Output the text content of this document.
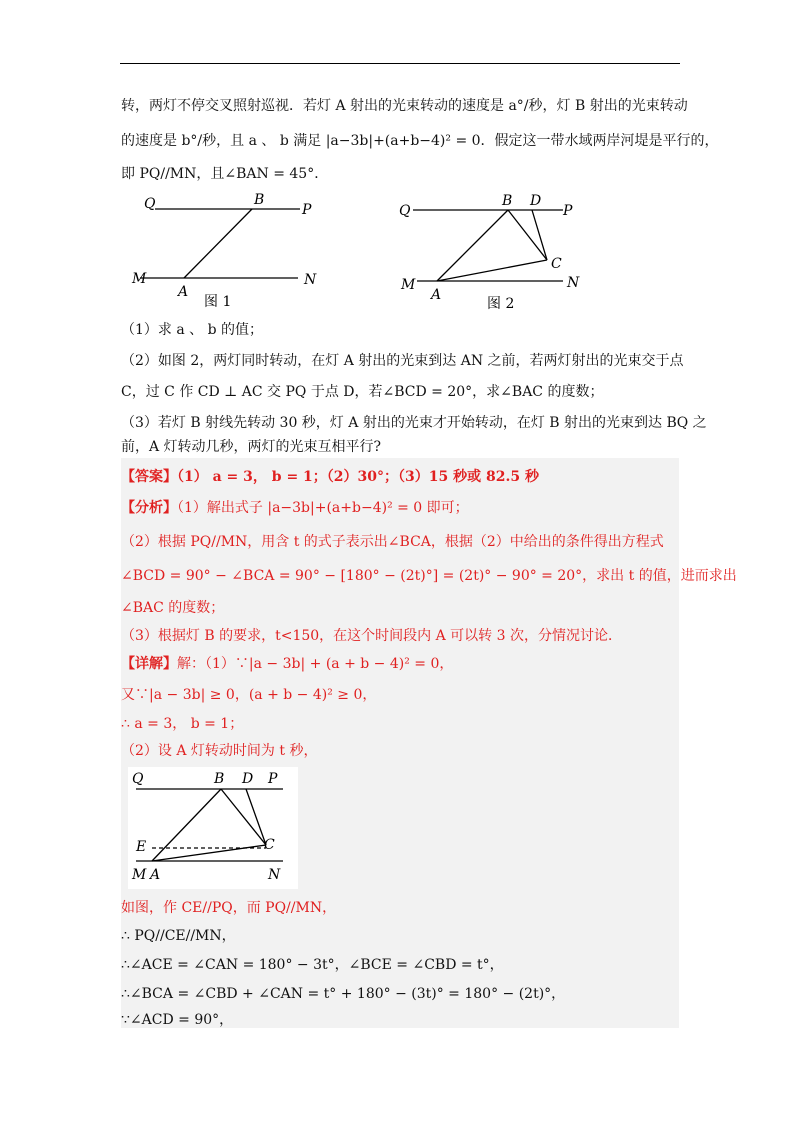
转，两灯不停交叉照射巡视．若灯 A 射出的光束转动的速度是 a°/秒，灯 B 射出的光束转动
的速度是 b°/秒，且 a 、 b 满足 |a−3b|+(a+b−4)² = 0．假定这一带水域两岸河堤是平行的，
即 PQ//MN，且∠BAN = 45°．
Q	B
P
M
A
N
图 1
Q
B D
P
C
M
A
N
图 2
（1）求 a 、 b 的值；
（2）如图 2，两灯同时转动，在灯 A 射出的光束到达 AN 之前，若两灯射出的光束交于点
C，过 C 作 CD ⊥ AC 交 PQ 于点 D，若∠BCD = 20°，求∠BAC 的度数；
（3）若灯 B 射线先转动 30 秒，灯 A 射出的光束才开始转动，在灯 B 射出的光束到达 BQ 之
前，A 灯转动几秒，两灯的光束互相平行?
【答案】（1） a = 3， b = 1；（2）30°；（3）15 秒或 82.5 秒
【分析】（1）解出式子 |a−3b|+(a+b−4)² = 0 即可；
（2）根据 PQ//MN，用含 t 的式子表示出∠BCA，根据（2）中给出的条件得出方程式
∠BCD = 90° − ∠BCA = 90° − [180° − (2t)°] = (2t)° − 90° = 20°，求出 t 的值，进而求出
∠BAC 的度数；
（3）根据灯 B 的要求，t<150，在这个时间段内 A 可以转 3 次，分情况讨论．
【详解】解：（1）∵|a − 3b| + (a + b − 4)² = 0，
又∵|a − 3b| ≥ 0，(a + b − 4)² ≥ 0，
∴ a = 3， b = 1；
（2）设 A 灯转动时间为 t 秒，
Q	B D P
E	C
M A	N
如图，作 CE//PQ，而 PQ//MN，
∴ PQ//CE//MN，
∴∠ACE = ∠CAN = 180° − 3t°，∠BCE = ∠CBD = t°，
∴∠BCA = ∠CBD + ∠CAN = t° + 180° − (3t)° = 180° − (2t)°，
∵∠ACD = 90°，
